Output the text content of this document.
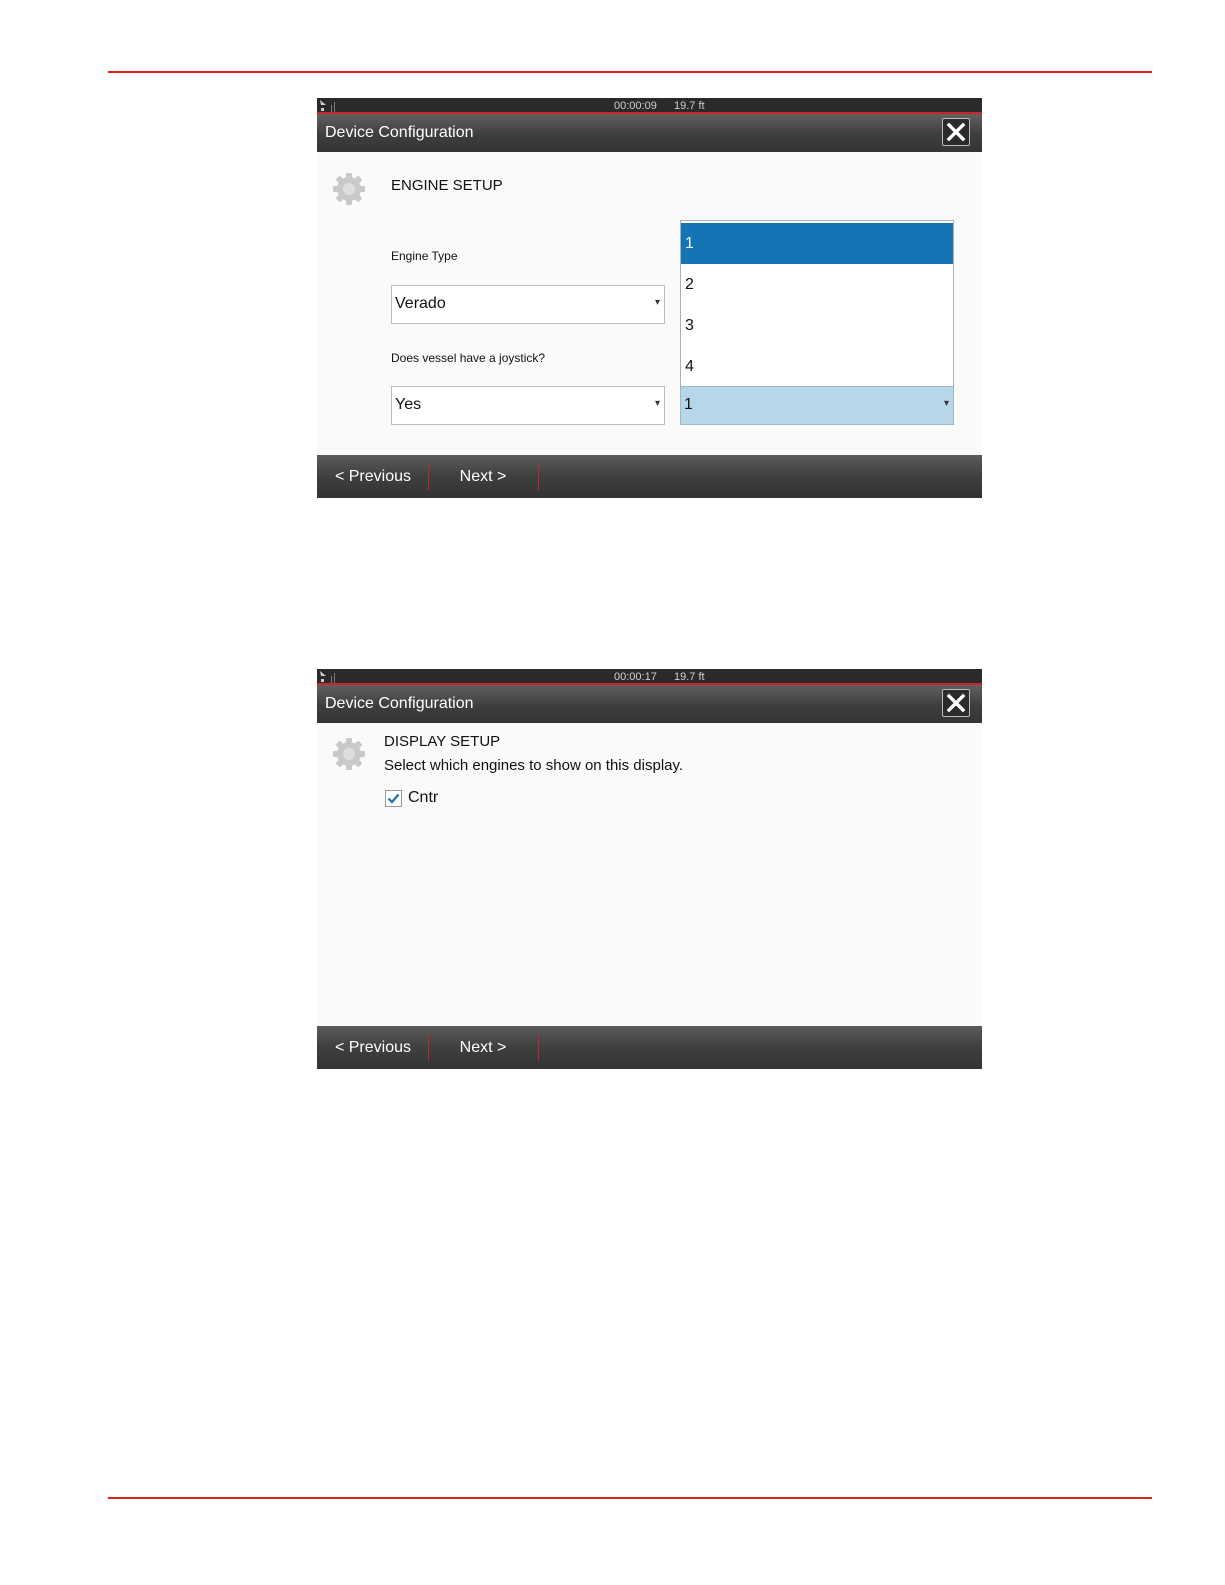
00:00:09 19.7 ft
Device Configuration
ENGINE SETUP
Engine Type
Verado	▾
Does vessel have a joystick?
Yes	▾
1
2
3
4
1	▾
< Previous	Next >
00:00:17 19.7 ft
Device Configuration
DISPLAY SETUP
Select which engines to show on this display.
Cntr
< Previous	Next >
